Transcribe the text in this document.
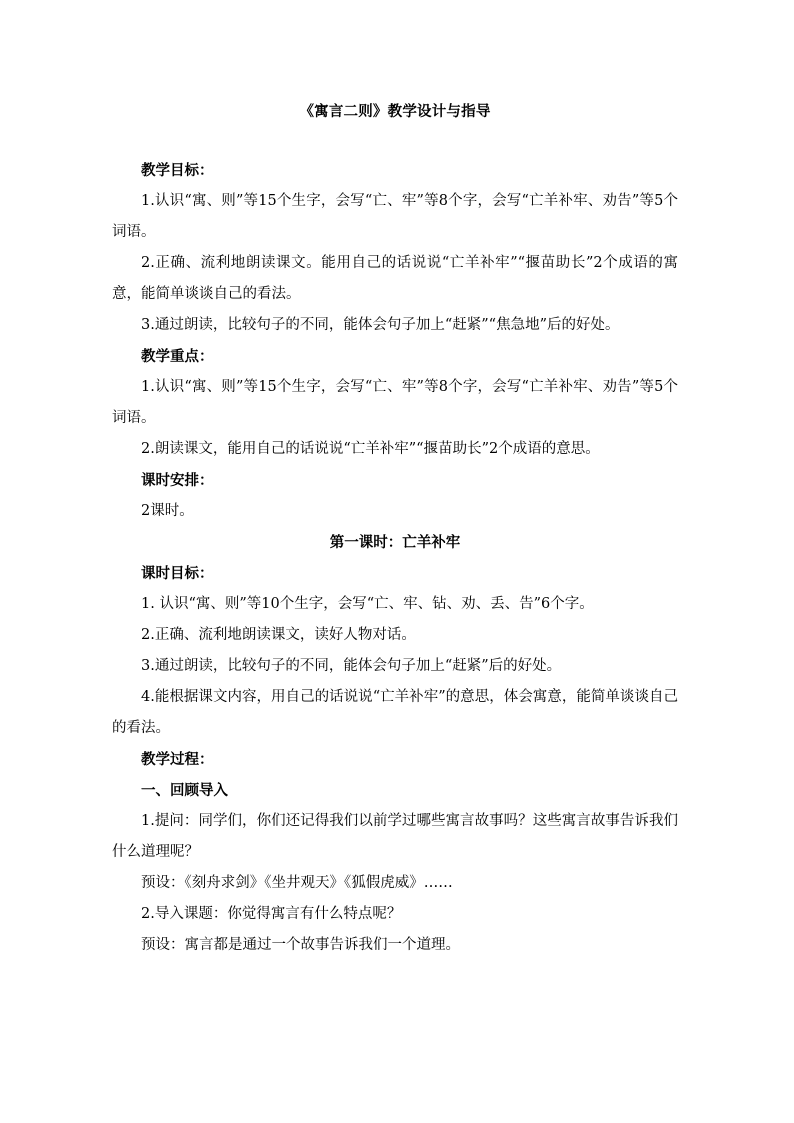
《寓言二则》教学设计与指导

教学目标：

1.认识“寓、则”等15个生字，会写“亡、牢”等8个字，会写“亡羊补牢、劝告”等5个词语。

2.正确、流利地朗读课文。能用自己的话说说“亡羊补牢”“揠苗助长”2个成语的寓意，能简单谈谈自己的看法。

3.通过朗读，比较句子的不同，能体会句子加上“赶紧”“焦急地”后的好处。

教学重点：

1.认识“寓、则”等15个生字，会写“亡、牢”等8个字，会写“亡羊补牢、劝告”等5个词语。

2.朗读课文，能用自己的话说说“亡羊补牢”“揠苗助长”2个成语的意思。

课时安排：

2课时。

第一课时：亡羊补牢

课时目标：

1. 认识“寓、则”等10个生字，会写“亡、牢、钻、劝、丢、告”6个字。

2.正确、流利地朗读课文，读好人物对话。

3.通过朗读，比较句子的不同，能体会句子加上“赶紧”后的好处。

4.能根据课文内容，用自己的话说说“亡羊补牢”的意思，体会寓意，能简单谈谈自己的看法。

教学过程：

一、回顾导入

1.提问：同学们，你们还记得我们以前学过哪些寓言故事吗？这些寓言故事告诉我们什么道理呢？

预设：《刻舟求剑》《坐井观天》《狐假虎威》……

2.导入课题：你觉得寓言有什么特点呢？

预设：寓言都是通过一个故事告诉我们一个道理。
